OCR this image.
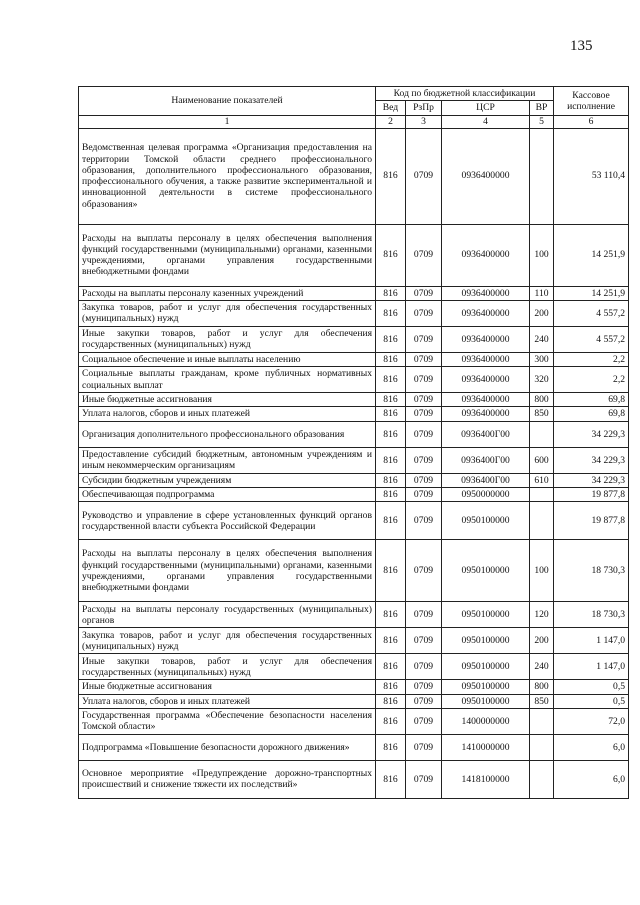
135
Наименование показателей	Код по бюджетной классификации				Кассовое исполнение
	Вед	РзПр	ЦСР	ВР	
1	2	3	4	5	6
Ведомственная целевая программа «Организация предоставления на территории Томской области среднего профессионального образования, дополнительного профессионального образования, профессионального обучения, а также развитие экспериментальной и инновационной деятельности в системе профессионального образования»	816	0709	0936400000		53 110,4
Расходы на выплаты персоналу в целях обеспечения выполнения функций государственными (муниципальными) органами, казенными учреждениями, органами управления государственными внебюджетными фондами	816	0709	0936400000	100	14 251,9
Расходы на выплаты персоналу казенных учреждений	816	0709	0936400000	110	14 251,9
Закупка товаров, работ и услуг для обеспечения государственных (муниципальных) нужд	816	0709	0936400000	200	4 557,2
Иные закупки товаров, работ и услуг для обеспечения государственных (муниципальных) нужд	816	0709	0936400000	240	4 557,2
Социальное обеспечение и иные выплаты населению	816	0709	0936400000	300	2,2
Социальные выплаты гражданам, кроме публичных нормативных социальных выплат	816	0709	0936400000	320	2,2
Иные бюджетные ассигнования	816	0709	0936400000	800	69,8
Уплата налогов, сборов и иных платежей	816	0709	0936400000	850	69,8
Организация дополнительного профессионального образования	816	0709	0936400Г00		34 229,3
Предоставление субсидий бюджетным, автономным учреждениям и иным некоммерческим организациям	816	0709	0936400Г00	600	34 229,3
Субсидии бюджетным учреждениям	816	0709	0936400Г00	610	34 229,3
Обеспечивающая подпрограмма	816	0709	0950000000		19 877,8
Руководство и управление в сфере установленных функций органов государственной власти субъекта Российской Федерации	816	0709	0950100000		19 877,8
Расходы на выплаты персоналу в целях обеспечения выполнения функций государственными (муниципальными) органами, казенными учреждениями, органами управления государственными внебюджетными фондами	816	0709	0950100000	100	18 730,3
Расходы на выплаты персоналу государственных (муниципальных) органов	816	0709	0950100000	120	18 730,3
Закупка товаров, работ и услуг для обеспечения государственных (муниципальных) нужд	816	0709	0950100000	200	1 147,0
Иные закупки товаров, работ и услуг для обеспечения государственных (муниципальных) нужд	816	0709	0950100000	240	1 147,0
Иные бюджетные ассигнования	816	0709	0950100000	800	0,5
Уплата налогов, сборов и иных платежей	816	0709	0950100000	850	0,5
Государственная программа «Обеспечение безопасности населения Томской области»	816	0709	1400000000		72,0
Подпрограмма «Повышение безопасности дорожного движения»	816	0709	1410000000		6,0
Основное мероприятие «Предупреждение дорожно-транспортных происшествий и снижение тяжести их последствий»	816	0709	1418100000		6,0
